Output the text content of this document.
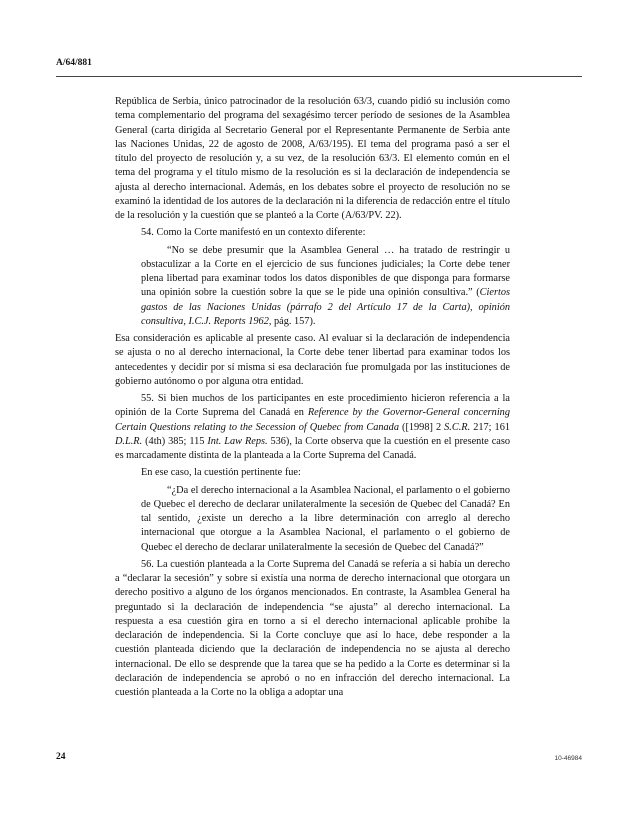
A/64/881

República de Serbia, único patrocinador de la resolución 63/3, cuando pidió su inclusión como tema complementario del programa del sexagésimo tercer período de sesiones de la Asamblea General (carta dirigida al Secretario General por el Representante Permanente de Serbia ante las Naciones Unidas, 22 de agosto de 2008, A/63/195). El tema del programa pasó a ser el título del proyecto de resolución y, a su vez, de la resolución 63/3. El elemento común en el tema del programa y el título mismo de la resolución es si la declaración de independencia se ajusta al derecho internacional. Además, en los debates sobre el proyecto de resolución no se examinó la identidad de los autores de la declaración ni la diferencia de redacción entre el título de la resolución y la cuestión que se planteó a la Corte (A/63/PV. 22).

54. Como la Corte manifestó en un contexto diferente:

“No se debe presumir que la Asamblea General … ha tratado de restringir u obstaculizar a la Corte en el ejercicio de sus funciones judiciales; la Corte debe tener plena libertad para examinar todos los datos disponibles de que disponga para formarse una opinión sobre la cuestión sobre la que se le pide una opinión consultiva.” (Ciertos gastos de las Naciones Unidas (párrafo 2 del Artículo 17 de la Carta), opinión consultiva, I.C.J. Reports 1962, pág. 157).

Esa consideración es aplicable al presente caso. Al evaluar si la declaración de independencia se ajusta o no al derecho internacional, la Corte debe tener libertad para examinar todos los antecedentes y decidir por sí misma si esa declaración fue promulgada por las instituciones de gobierno autónomo o por alguna otra entidad.

55. Si bien muchos de los participantes en este procedimiento hicieron referencia a la opinión de la Corte Suprema del Canadá en Reference by the Governor-General concerning Certain Questions relating to the Secession of Quebec from Canada ([1998] 2 S.C.R. 217; 161 D.L.R. (4th) 385; 115 Int. Law Reps. 536), la Corte observa que la cuestión en el presente caso es marcadamente distinta de la planteada a la Corte Suprema del Canadá.

En ese caso, la cuestión pertinente fue:

“¿Da el derecho internacional a la Asamblea Nacional, el parlamento o el gobierno de Quebec el derecho de declarar unilateralmente la secesión de Quebec del Canadá? En tal sentido, ¿existe un derecho a la libre determinación con arreglo al derecho internacional que otorgue a la Asamblea Nacional, el parlamento o el gobierno de Quebec el derecho de declarar unilateralmente la secesión de Quebec del Canadá?”

56. La cuestión planteada a la Corte Suprema del Canadá se refería a si había un derecho a “declarar la secesión” y sobre si existía una norma de derecho internacional que otorgara un derecho positivo a alguno de los órganos mencionados. En contraste, la Asamblea General ha preguntado si la declaración de independencia “se ajusta” al derecho internacional. La respuesta a esa cuestión gira en torno a si el derecho internacional aplicable prohíbe la declaración de independencia. Si la Corte concluye que así lo hace, debe responder a la cuestión planteada diciendo que la declaración de independencia no se ajusta al derecho internacional. De ello se desprende que la tarea que se ha pedido a la Corte es determinar si la declaración de independencia se aprobó o no en infracción del derecho internacional. La cuestión planteada a la Corte no la obliga a adoptar una

24	10-46984
